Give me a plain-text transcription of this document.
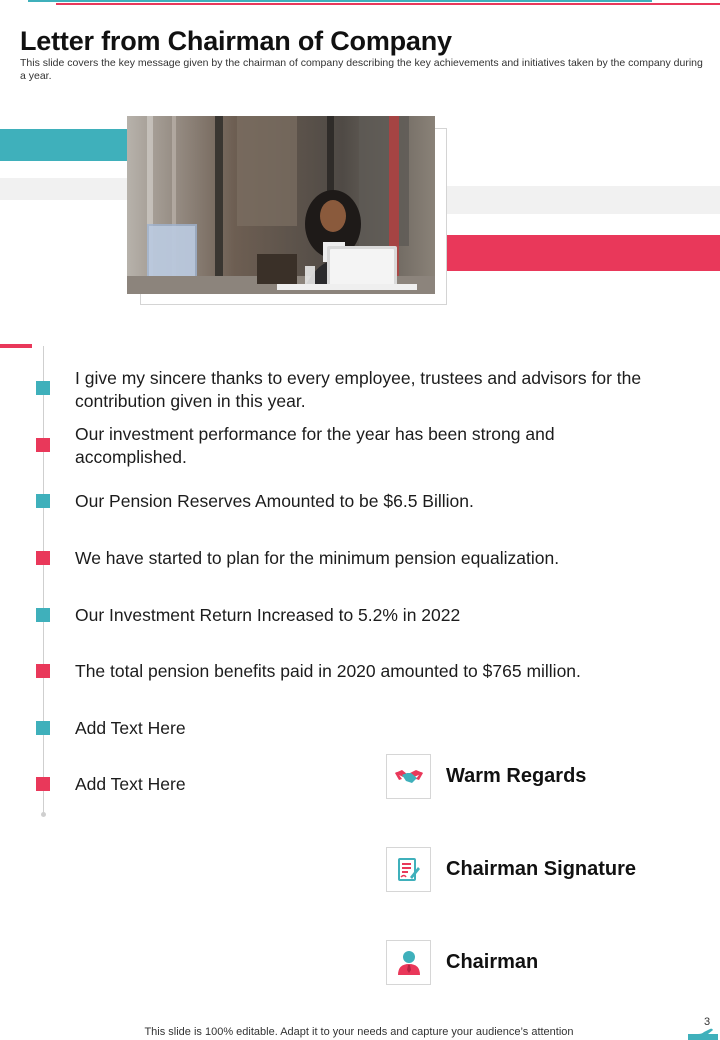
Letter from Chairman of Company

This slide covers the key message given by the chairman of company describing the key achievements and initiatives taken by the company during a year.

I give my sincere thanks to every employee, trustees and advisors for the contribution given in this year.

Our investment performance for the year has been strong and accomplished.

Our Pension Reserves Amounted to be $6.5 Billion.

We have started to plan for the minimum pension equalization.

Our Investment Return Increased to 5.2% in 2022

The total pension benefits paid in 2020 amounted to $765 million.

Add Text Here

Add Text Here	Warm Regards
Chairman Signature
Chairman
This slide is 100% editable. Adapt it to your needs and capture your audience’s attention
3
